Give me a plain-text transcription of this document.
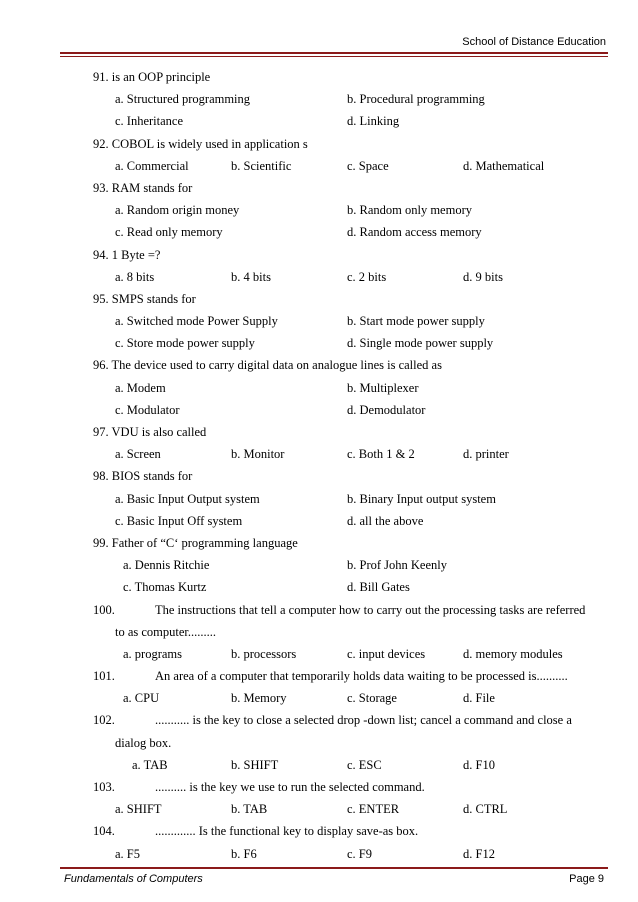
School of Distance Education
91. is an OOP principle
a. Structured programming	b. Procedural programming
c. Inheritance	d. Linking
92. COBOL is widely used in application s
a. Commercial	b. Scientific	c. Space	d. Mathematical
93. RAM stands for
a. Random origin money	b. Random only memory
c. Read only memory	d. Random access memory
94. 1 Byte =?
a. 8 bits	b. 4 bits	c. 2 bits	d. 9 bits
95. SMPS stands for
a. Switched mode Power Supply	b. Start mode power supply
c. Store mode power supply	d. Single mode power supply
96. The device used to carry digital data on analogue lines is called as
a. Modem	b. Multiplexer
c. Modulator	d. Demodulator
97. VDU is also called
a. Screen	b. Monitor	c. Both 1 & 2	d. printer
98. BIOS stands for
a. Basic Input Output system	b. Binary Input output system
c. Basic Input Off system	d. all the above
99. Father of “C‘ programming language
a. Dennis Ritchie	b. Prof John Keenly
c. Thomas Kurtz	d. Bill Gates
100.	The instructions that tell a computer how to carry out the processing tasks are referred
to as computer.........
a. programs	b. processors	c. input devices	d. memory modules
101.	An area of a computer that temporarily holds data waiting to be processed is..........
a. CPU	b. Memory	c. Storage	d. File
102.	........... is the key to close a selected drop -down list; cancel a command and close a
dialog box.
a. TAB	b. SHIFT	c. ESC	d. F10
103.	.......... is the key we use to run the selected command.
a. SHIFT	b. TAB	c. ENTER	d. CTRL
104.	............. Is the functional key to display save-as box.
a. F5	b. F6	c. F9	d. F12
Fundamentals of Computers	Page 9
